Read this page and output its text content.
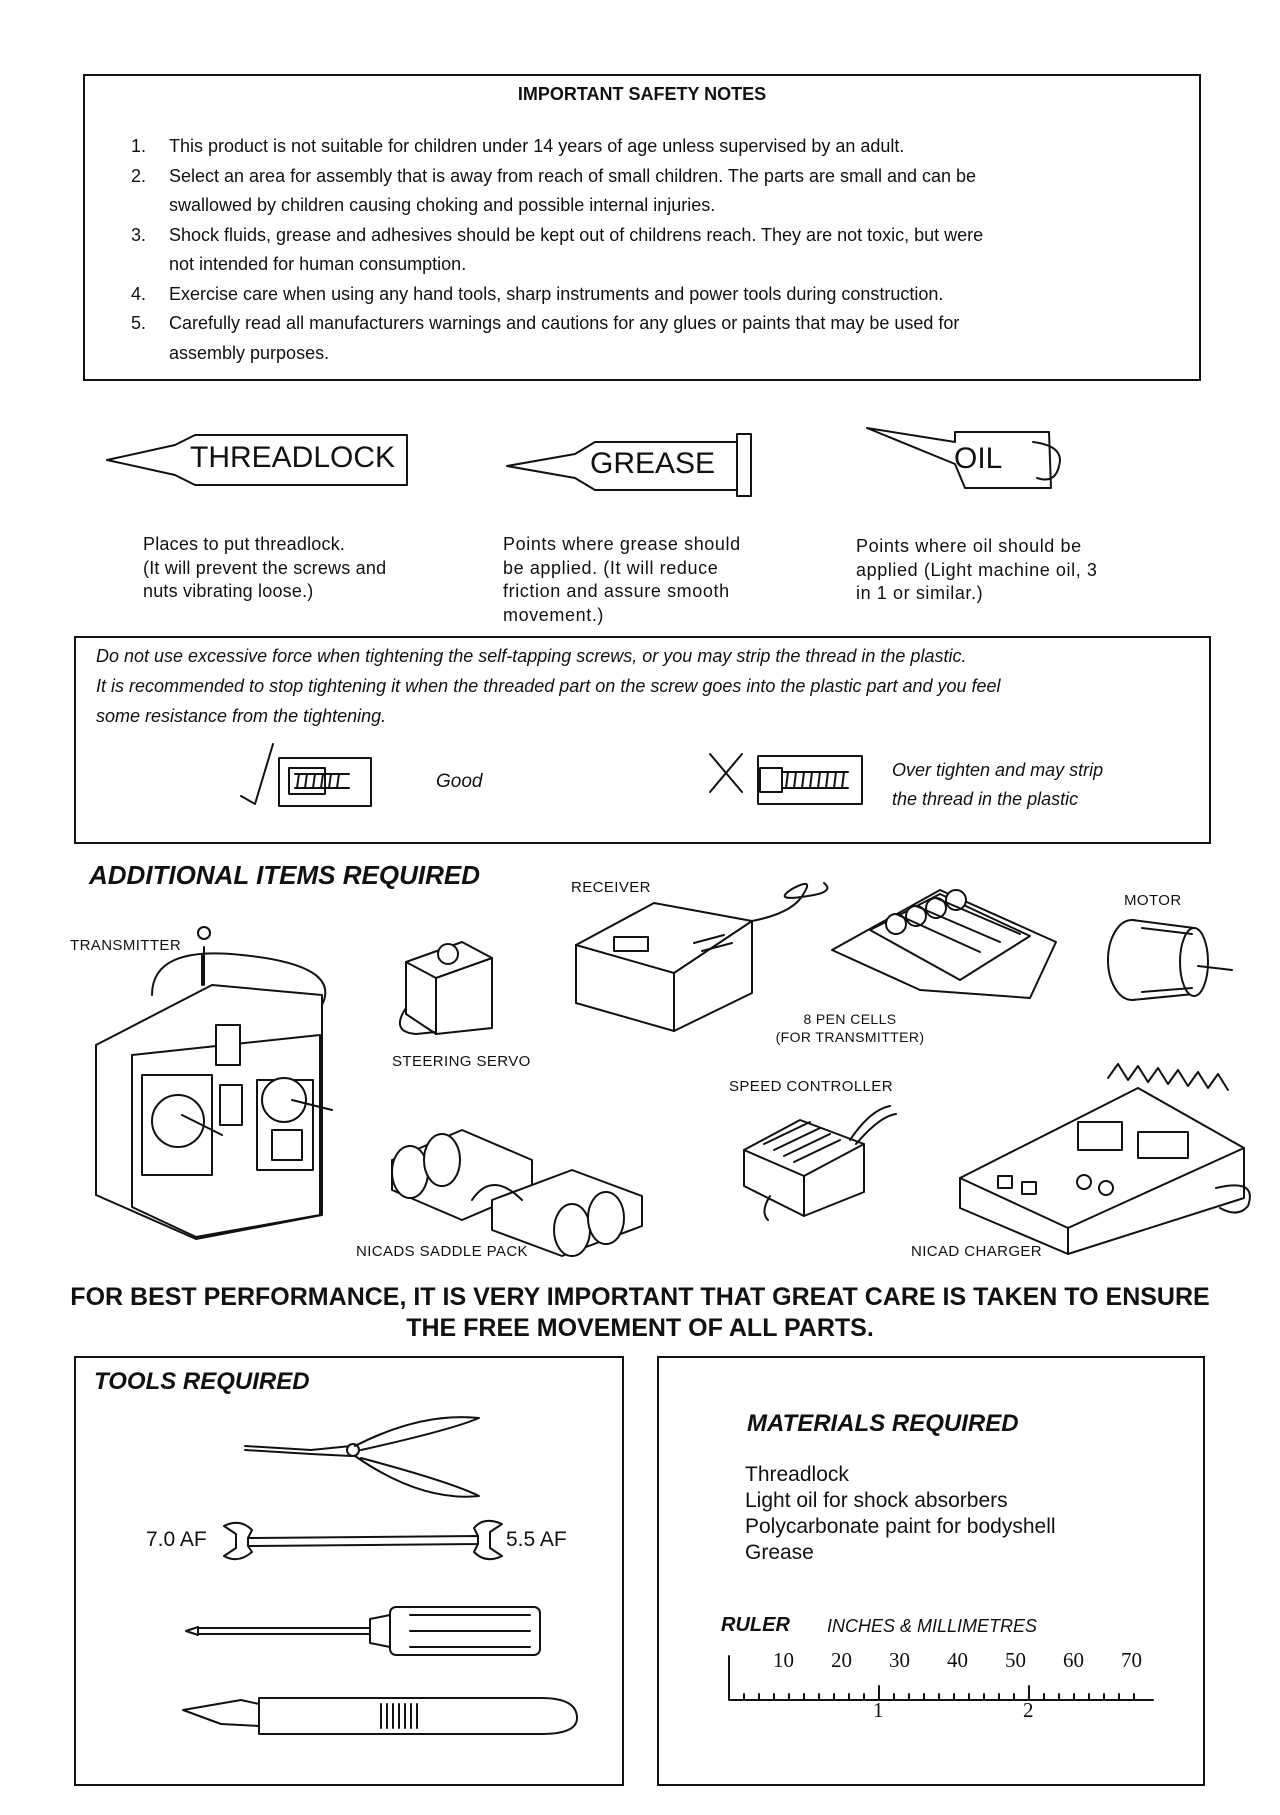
IMPORTANT SAFETY NOTES
1. This product is not suitable for children under 14 years of age unless supervised by an adult.
2. Select an area for assembly that is away from reach of small children. The parts are small and can be
swallowed by children causing choking and possible internal injuries.
3. Shock fluids, grease and adhesives should be kept out of childrens reach. They are not toxic, but were
not intended for human consumption.
4. Exercise care when using any hand tools, sharp instruments and power tools during construction.
5. Carefully read all manufacturers warnings and cautions for any glues or paints that may be used for
assembly purposes.
THREADLOCK	GREASE	OIL
Places to put threadlock.
(It will prevent the screws and
nuts vibrating loose.)
Points where grease should
be applied. (It will reduce
friction and assure smooth
movement.)
Points where oil should be
applied (Light machine oil, 3
in 1 or similar.)
Do not use excessive force when tightening the self-tapping screws, or you may strip the thread in the plastic.
It is recommended to stop tightening it when the threaded part on the screw goes into the plastic part and you feel
some resistance from the tightening.
Good
Over tighten and may strip
the thread in the plastic
ADDITIONAL ITEMS REQUIRED
TRANSMITTER
STEERING SERVO
RECEIVER
8 PEN CELLS
(FOR TRANSMITTER)
MOTOR
SPEED CONTROLLER
NICADS SADDLE PACK	NICAD CHARGER
FOR BEST PERFORMANCE, IT IS VERY IMPORTANT THAT GREAT CARE IS TAKEN TO ENSURE
THE FREE MOVEMENT OF ALL PARTS.
TOOLS REQUIRED
7.0 AF	5.5 AF
MATERIALS REQUIRED
Threadlock
Light oil for shock absorbers
Polycarbonate paint for bodyshell
Grease
RULER INCHES & MILLIMETRES
10 20 30 40 50 60 70
1	2
